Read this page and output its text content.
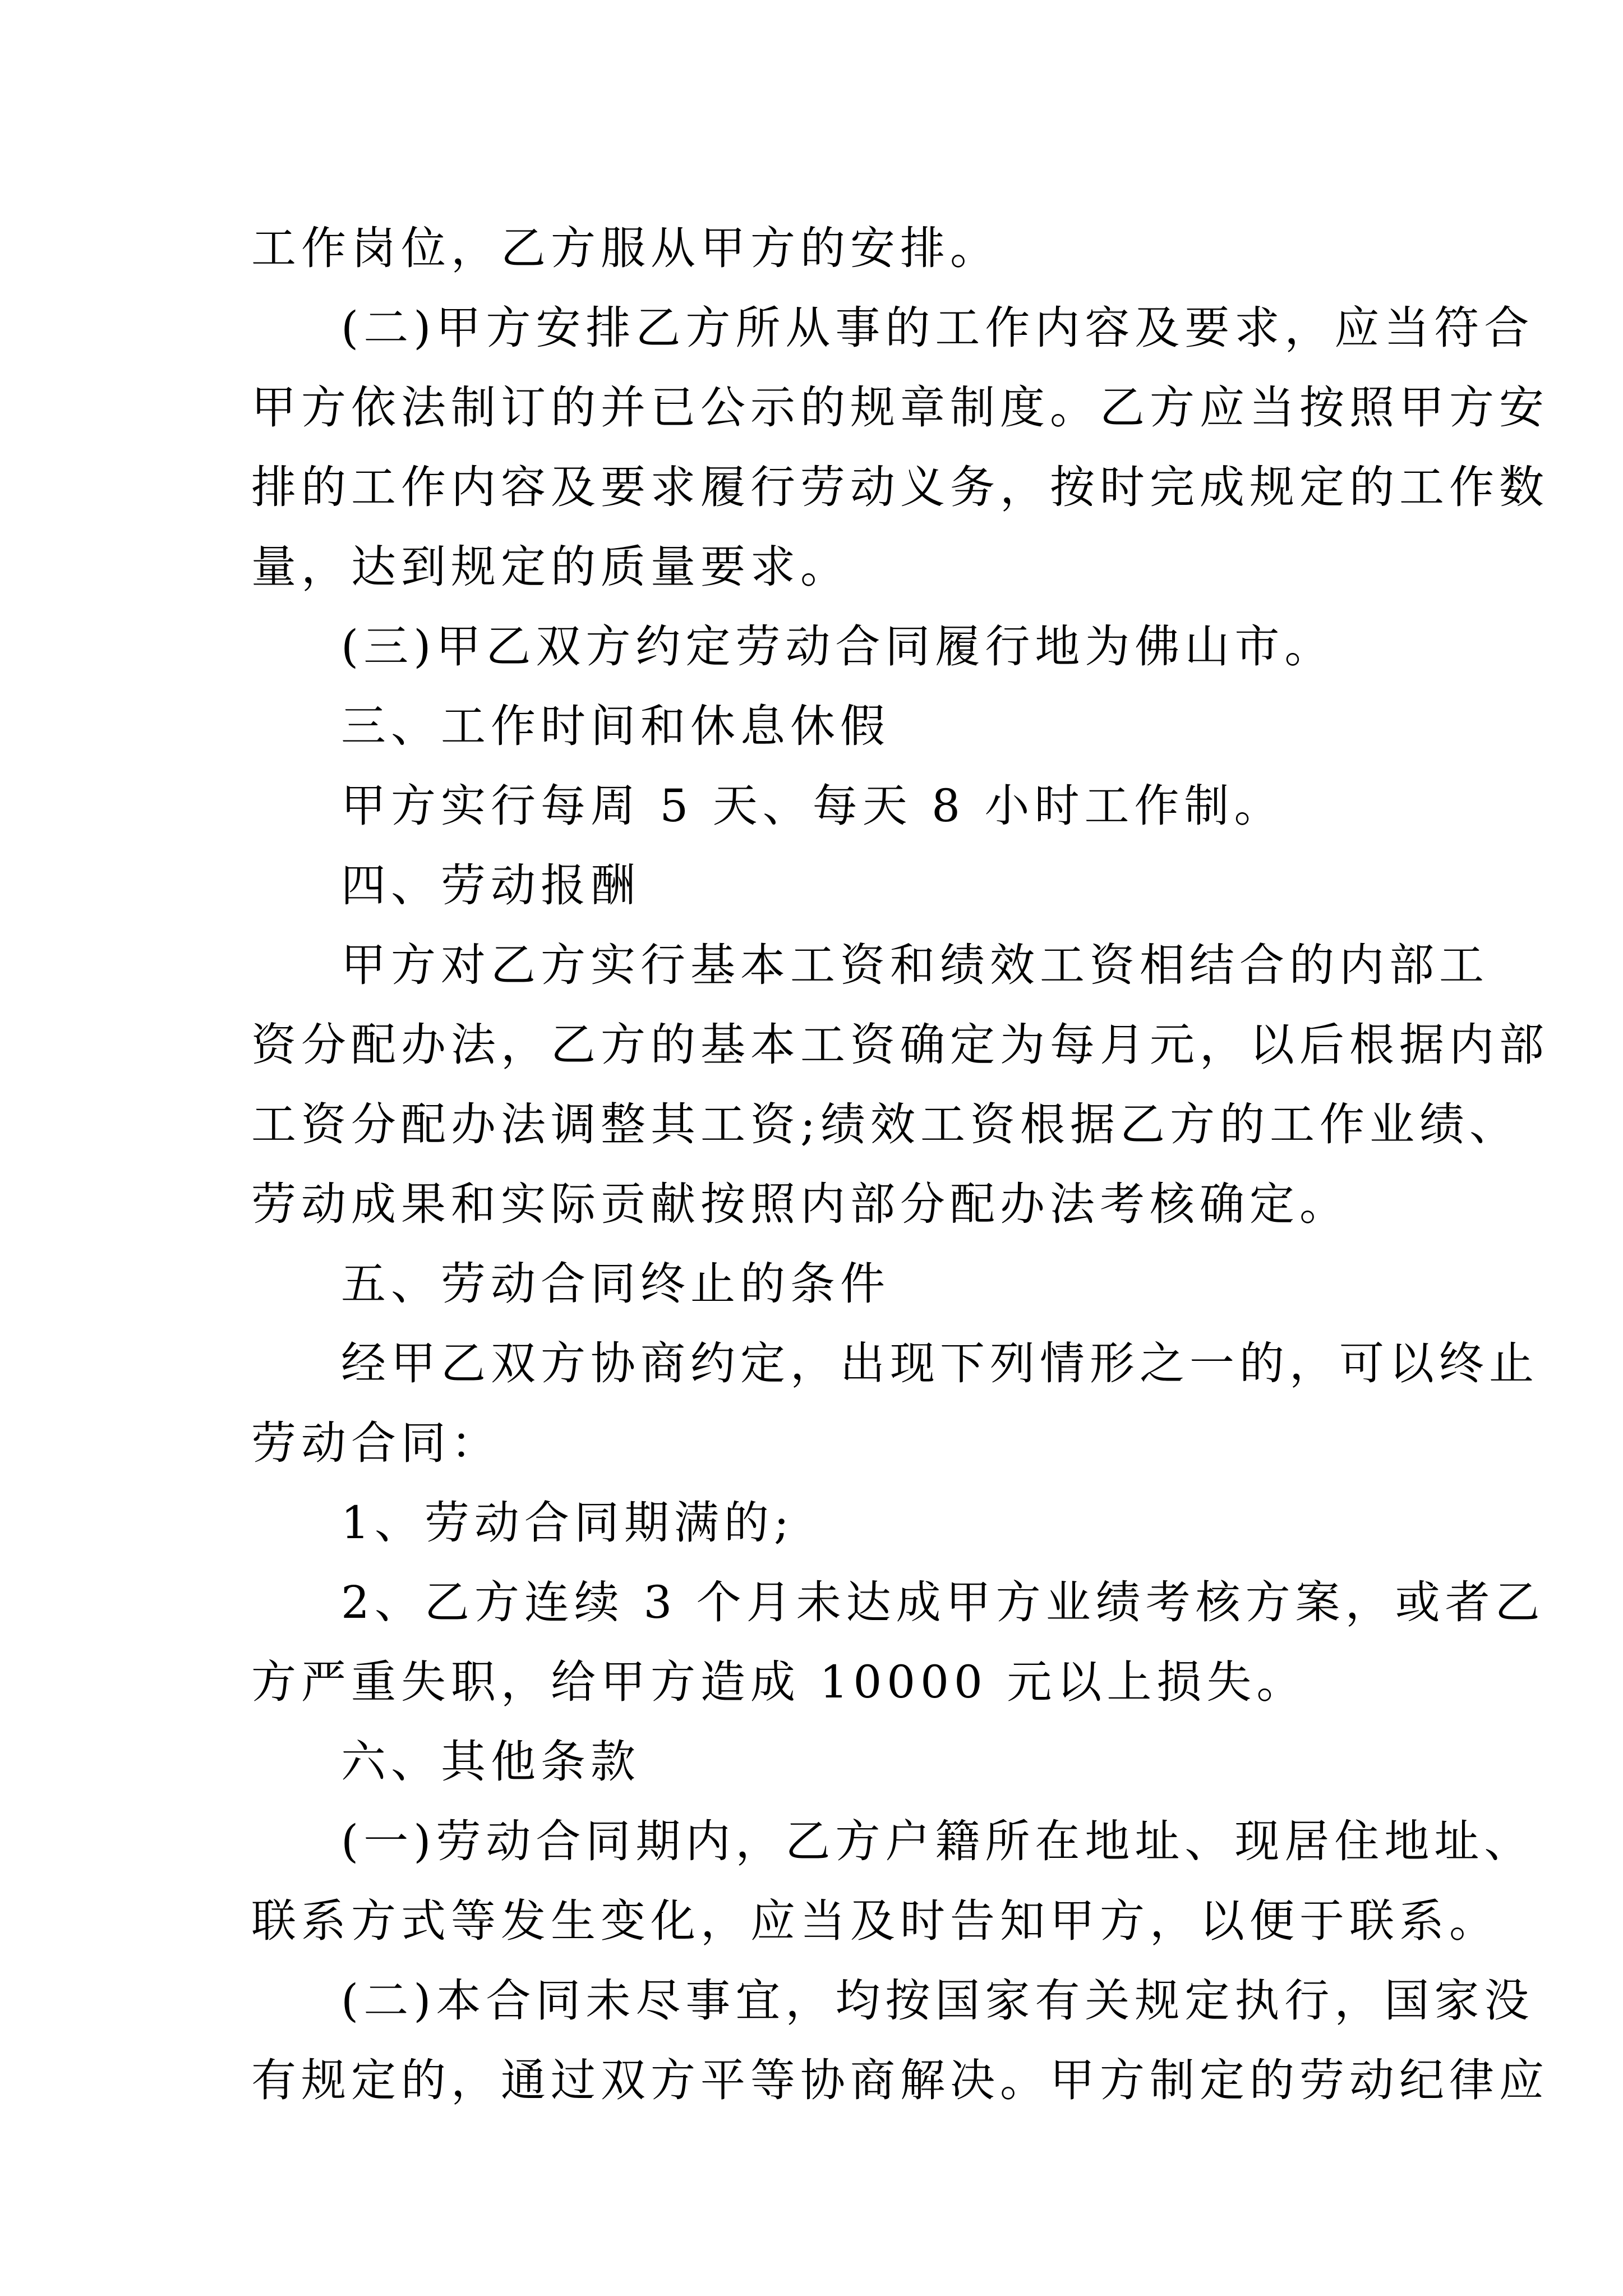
工作岗位，乙方服从甲方的安排。
(二)甲方安排乙方所从事的工作内容及要求，应当符合
甲方依法制订的并已公示的规章制度。乙方应当按照甲方安
排的工作内容及要求履行劳动义务，按时完成规定的工作数
量，达到规定的质量要求。
(三)甲乙双方约定劳动合同履行地为佛山市。
三、工作时间和休息休假
甲方实行每周 5 天、每天 8 小时工作制。
四、劳动报酬
甲方对乙方实行基本工资和绩效工资相结合的内部工
资分配办法，乙方的基本工资确定为每月元，以后根据内部
工资分配办法调整其工资;绩效工资根据乙方的工作业绩、
劳动成果和实际贡献按照内部分配办法考核确定。
五、劳动合同终止的条件
经甲乙双方协商约定，出现下列情形之一的，可以终止
劳动合同：
1、劳动合同期满的;
2、乙方连续 3 个月未达成甲方业绩考核方案，或者乙
方严重失职，给甲方造成 10000 元以上损失。
六、其他条款
(一)劳动合同期内，乙方户籍所在地址、现居住地址、
联系方式等发生变化，应当及时告知甲方，以便于联系。
(二)本合同未尽事宜，均按国家有关规定执行，国家没
有规定的，通过双方平等协商解决。甲方制定的劳动纪律应
